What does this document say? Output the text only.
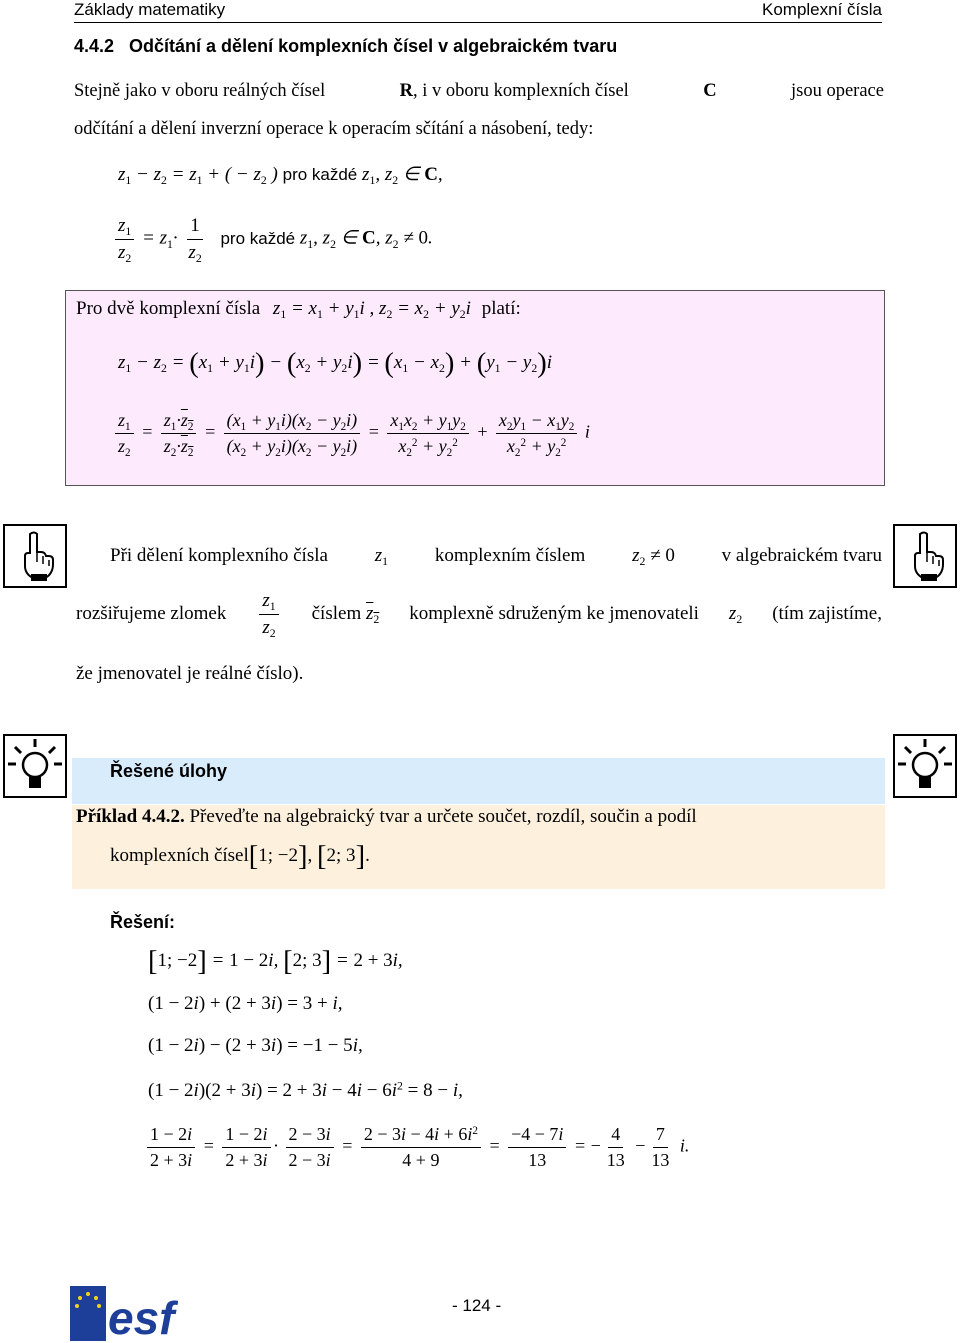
Základy matematiky	Komplexní čísla
4.4.2   Odčítání a dělení komplexních čísel v algebraickém tvaru
Stejně jako v oboru reálných čísel	R, i v oboru komplexních čísel	C	jsou operace
odčítání a dělení inverzní operace k operacím sčítání a násobení, tedy:
$z_1 - z_2 = z_1$ + ( − $z_2$ ) pro každé $z_1$, $z_2$ ∈ C,
$\frac{z_1}{z_2} = z_1\cdot \frac{1}{z_2}$ pro každé $z_1$, $z_2$ ∈ C, $z_2 \ne 0$.
Pro dvě komplexní čísla $z_1 = x_1 + y_1i$ , $z_2 = x_2 + y_2i$ platí:
$z_1 - z_2 = (x_1 + y_1i) - (x_2 + y_2i) = (x_1 - x_2) + (y_1 - y_2)i$
$\frac{z_1}{z_2} = \frac{z_1\cdot z_2}{z_2\cdot z_2} = \frac{(x_1 + y_1i)(x_2 - y_2i)}{(x_2 + y_2i)(x_2 - y_2i)} = \frac{x_1x_2 + y_1y_2}{x_2^2 + y_2^2} + \frac{x_2y_1 - x_1y_2}{x_2^2 + y_2^2}$ i
Při dělení komplexního čísla $z_1$ komplexním číslem $z_2 \ne 0$ v algebraickém tvaru
rozšiřujeme zlomek $\frac{z_1}{z_2}$ číslem $z_2$ komplexně sdruženým ke jmenovateli $z_2$ (tím zajistíme,
že jmenovatel je reálné číslo).
Řešené úlohy
Příklad 4.4.2. Převeďte na algebraický tvar a určete součet, rozdíl, součin a podíl
komplexních čísel[1; −2], [2; 3].
Řešení:
[1; −2] = 1 − 2i, [2; 3] = 2 + 3i,
(1 − 2i) + (2 + 3i) = 3 + i,
(1 − 2i) − (2 + 3i) = −1 − 5i,
$(1 - 2i)(2 + 3i) = 2 + 3i - 4i - 6i^2 = 8 - i$,
$\frac{1 - 2i}{2 + 3i} = \frac{1 - 2i}{2 + 3i} \cdot \frac{2 - 3i}{2 - 3i} = \frac{2 - 3i - 4i + 6i^2}{4 + 9} = \frac{-4 - 7i}{13}$ = − $\frac{4}{13} - \frac{7}{13} i$.
esf	- 124 -
